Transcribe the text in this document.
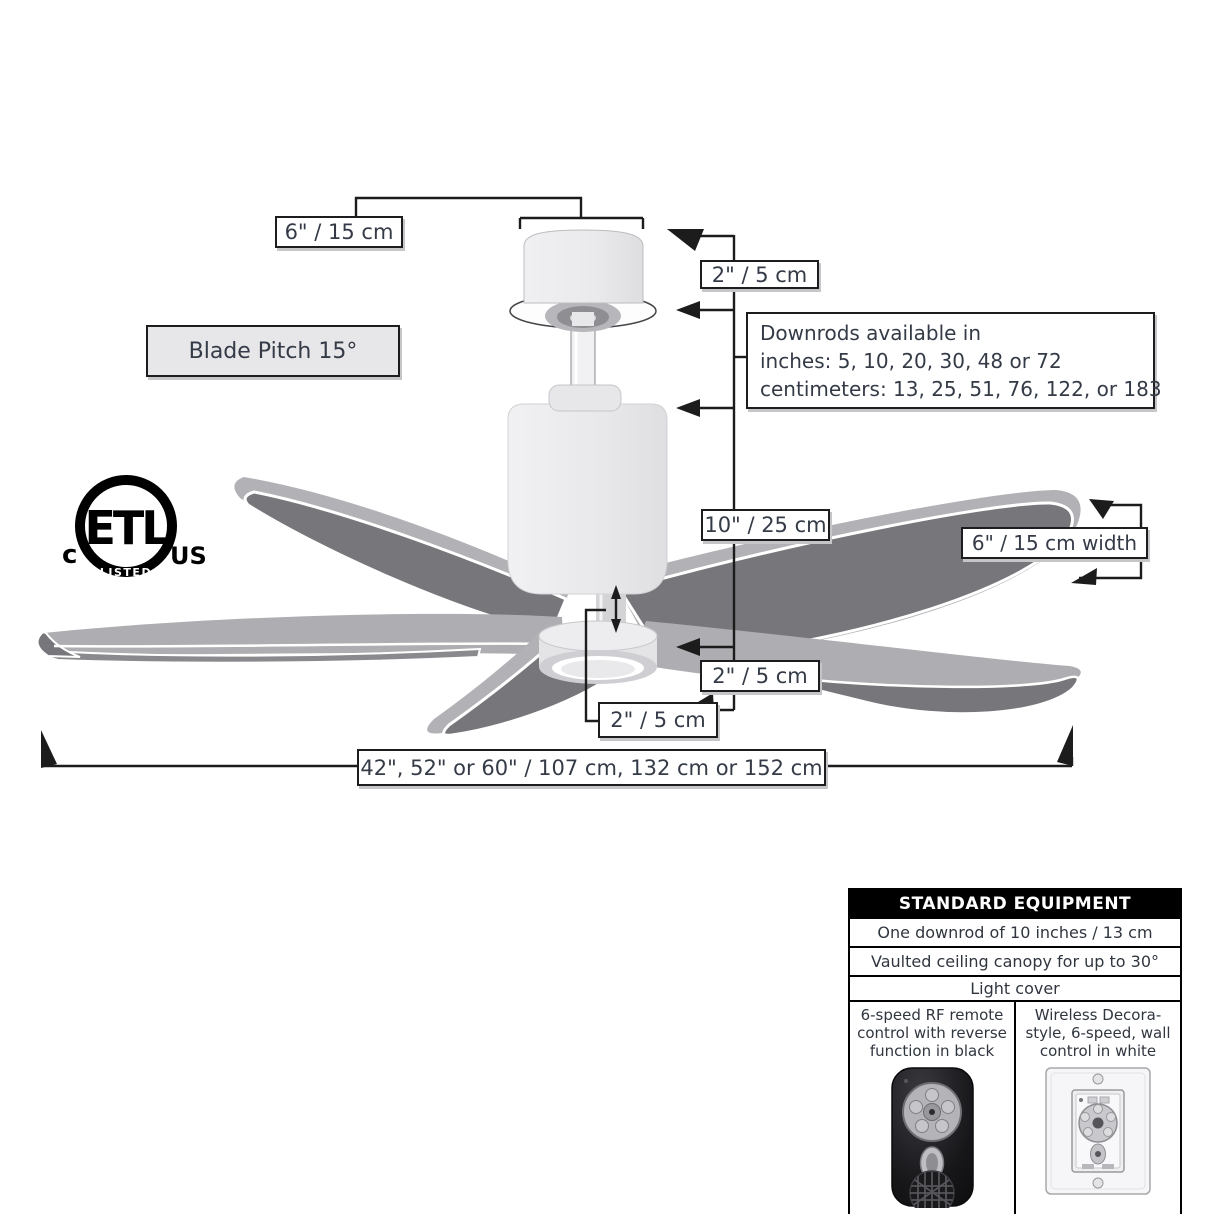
ETL
LISTED
c	US
6" / 15 cm
2" / 5 cm
Blade Pitch 15°
Downrods available in
inches: 5, 10, 20, 30, 48 or 72
centimeters: 13, 25, 51, 76, 122, or 183
10" / 25 cm
6" / 15 cm width
2" / 5 cm
2" / 5 cm
42", 52" or 60" / 107 cm, 132 cm or 152 cm
STANDARD EQUIPMENT
One downrod of 10 inches / 13 cm
Vaulted ceiling canopy for up to 30°
Light cover
6-speed RF remote control with reverse function in black
Wireless Decora-style, 6-speed, wall control in white
